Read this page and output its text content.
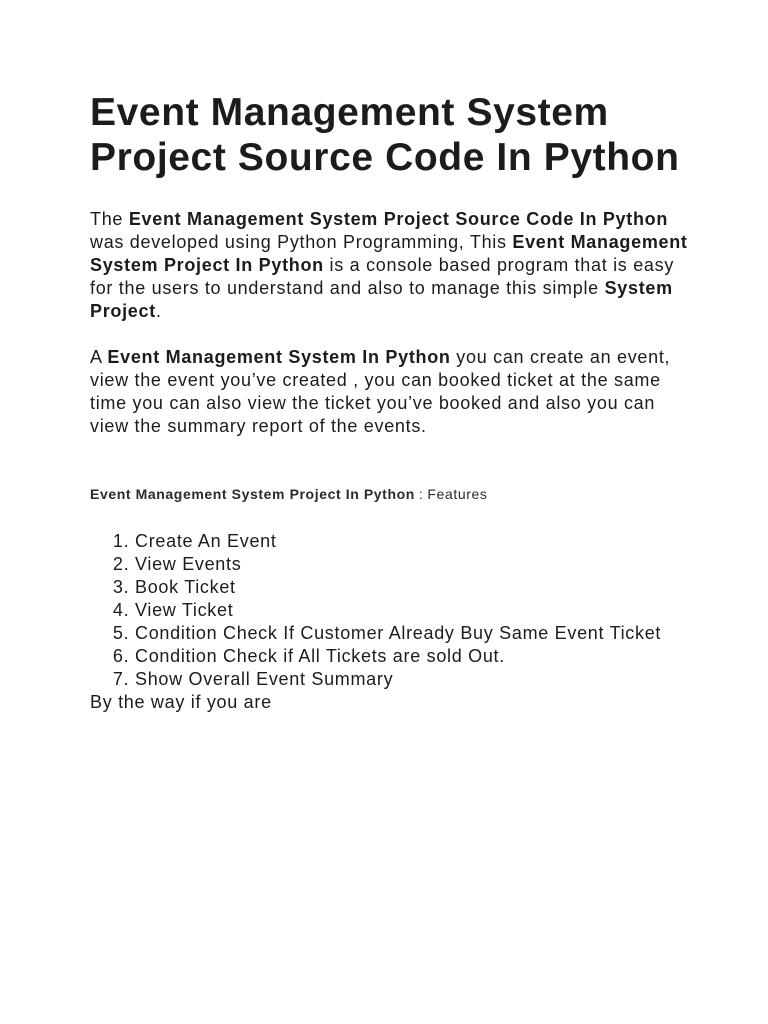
Event Management System Project Source Code In Python

The Event Management System Project Source Code In Python was developed using Python Programming, This Event Management System Project In Python is a console based program that is easy for the users to understand and also to manage this simple System Project.

A Event Management System In Python you can create an event, view the event you’ve created , you can booked ticket at the same time you can also view the ticket you’ve booked and also you can view the summary report of the events.

Event Management System Project In Python : Features

1. Create An Event
2. View Events
3. Book Ticket
4. View Ticket
5. Condition Check If Customer Already Buy Same Event Ticket
6. Condition Check if All Tickets are sold Out.
7. Show Overall Event Summary

By the way if you are
